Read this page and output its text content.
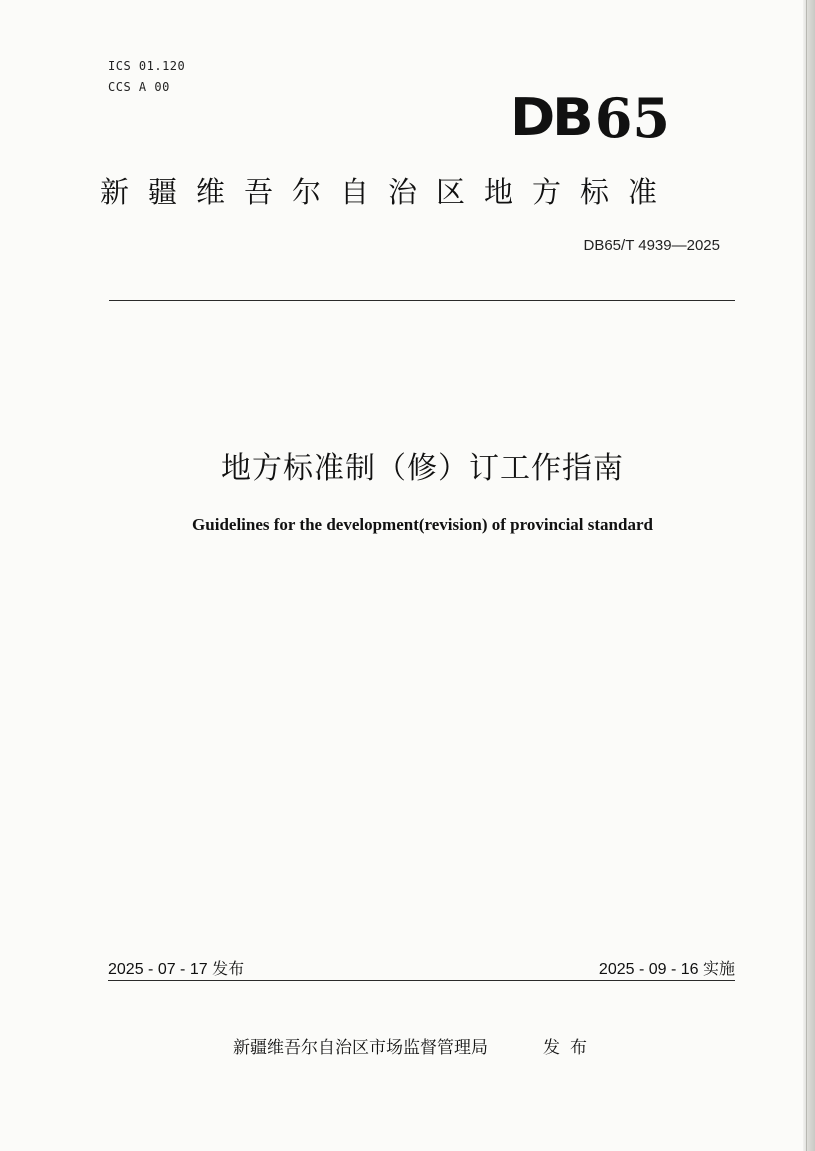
ICS 01.120
CCS A 00
DB 65
新疆维吾尔自治区地方标准
DB65/T 4939—2025
地方标准制（修）订工作指南
Guidelines for the development(revision) of provincial standard
2025 - 07 - 17 发布	2025 - 09 - 16 实施
新疆维吾尔自治区市场监督管理局	发布
